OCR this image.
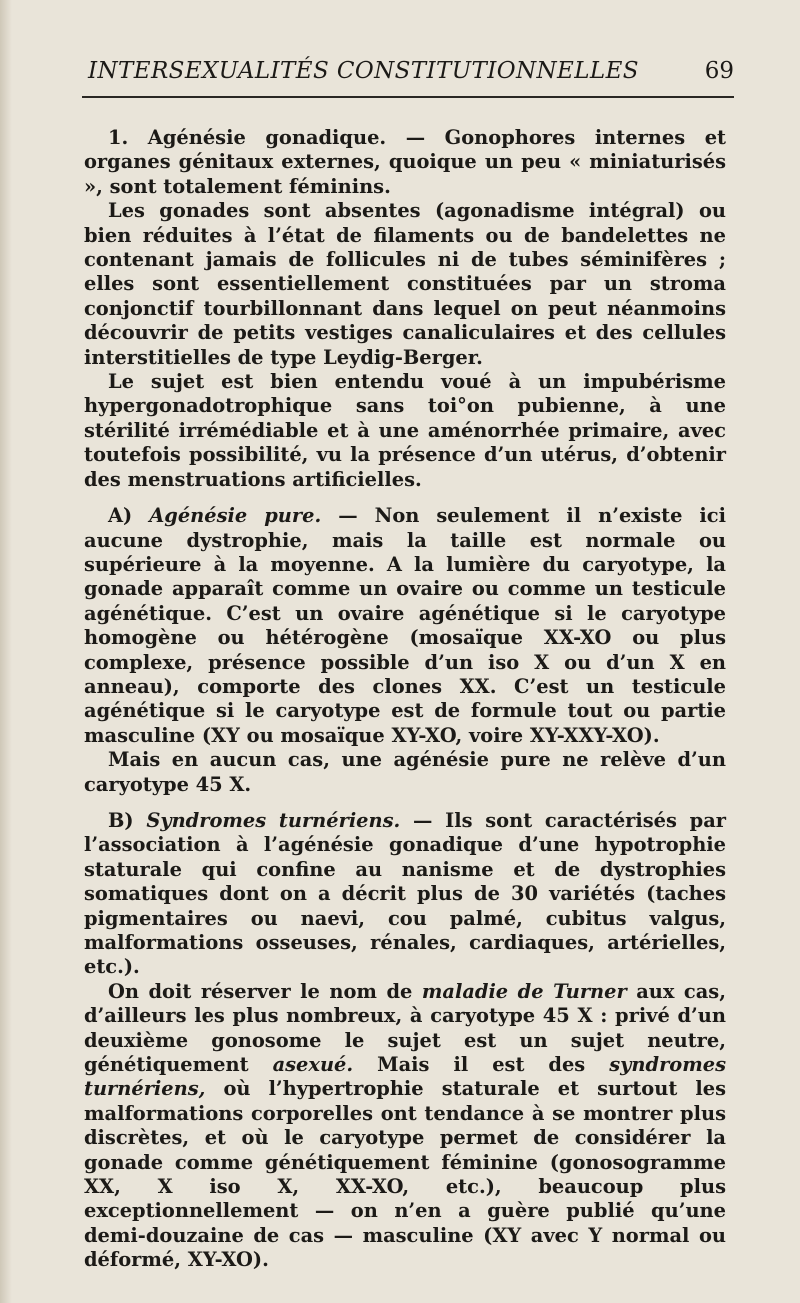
INTERSEXUALITÉS CONSTITUTIONNELLES	69

1. Agénésie gonadique. — Gonophores internes et organes génitaux externes, quoique un peu « miniaturisés », sont totalement féminins.

Les gonades sont absentes (agonadisme intégral) ou bien réduites à l’état de filaments ou de bandelettes ne contenant jamais de follicules ni de tubes séminifères ; elles sont essentiellement constituées par un stroma conjonctif tourbillonnant dans lequel on peut néanmoins découvrir de petits vestiges canaliculaires et des cellules interstitielles de type Leydig-Berger.

Le sujet est bien entendu voué à un impubérisme hypergonadotrophique sans toi°on pubienne, à une stérilité irrémédiable et à une aménorrhée primaire, avec toutefois possibilité, vu la présence d’un utérus, d’obtenir des menstruations artificielles.

A) Agénésie pure. — Non seulement il n’existe ici aucune dystrophie, mais la taille est normale ou supérieure à la moyenne. A la lumière du caryotype, la gonade apparaît comme un ovaire ou comme un testicule agénétique. C’est un ovaire agénétique si le caryotype homogène ou hétérogène (mosaïque XX-XO ou plus complexe, présence possible d’un iso X ou d’un X en anneau), comporte des clones XX. C’est un testicule agénétique si le caryotype est de formule tout ou partie masculine (XY ou mosaïque XY-XO, voire XY-XXY-XO).

Mais en aucun cas, une agénésie pure ne relève d’un caryotype 45 X.

B) Syndromes turnériens. — Ils sont caractérisés par l’association à l’agénésie gonadique d’une hypotrophie staturale qui confine au nanisme et de dystrophies somatiques dont on a décrit plus de 30 variétés (taches pigmentaires ou naevi, cou palmé, cubitus valgus, malformations osseuses, rénales, cardiaques, artérielles, etc.).

On doit réserver le nom de maladie de Turner aux cas, d’ailleurs les plus nombreux, à caryotype 45 X : privé d’un deuxième gonosome le sujet est un sujet neutre, génétiquement asexué. Mais il est des syndromes turnériens, où l’hypertrophie staturale et surtout les malformations corporelles ont tendance à se montrer plus discrètes, et où le caryotype permet de considérer la gonade comme génétiquement féminine (gonosogramme XX, X iso X, XX-XO, etc.), beaucoup plus exceptionnellement — on n’en a guère publié qu’une demi-douzaine de cas — masculine (XY avec Y normal ou déformé, XY-XO).
